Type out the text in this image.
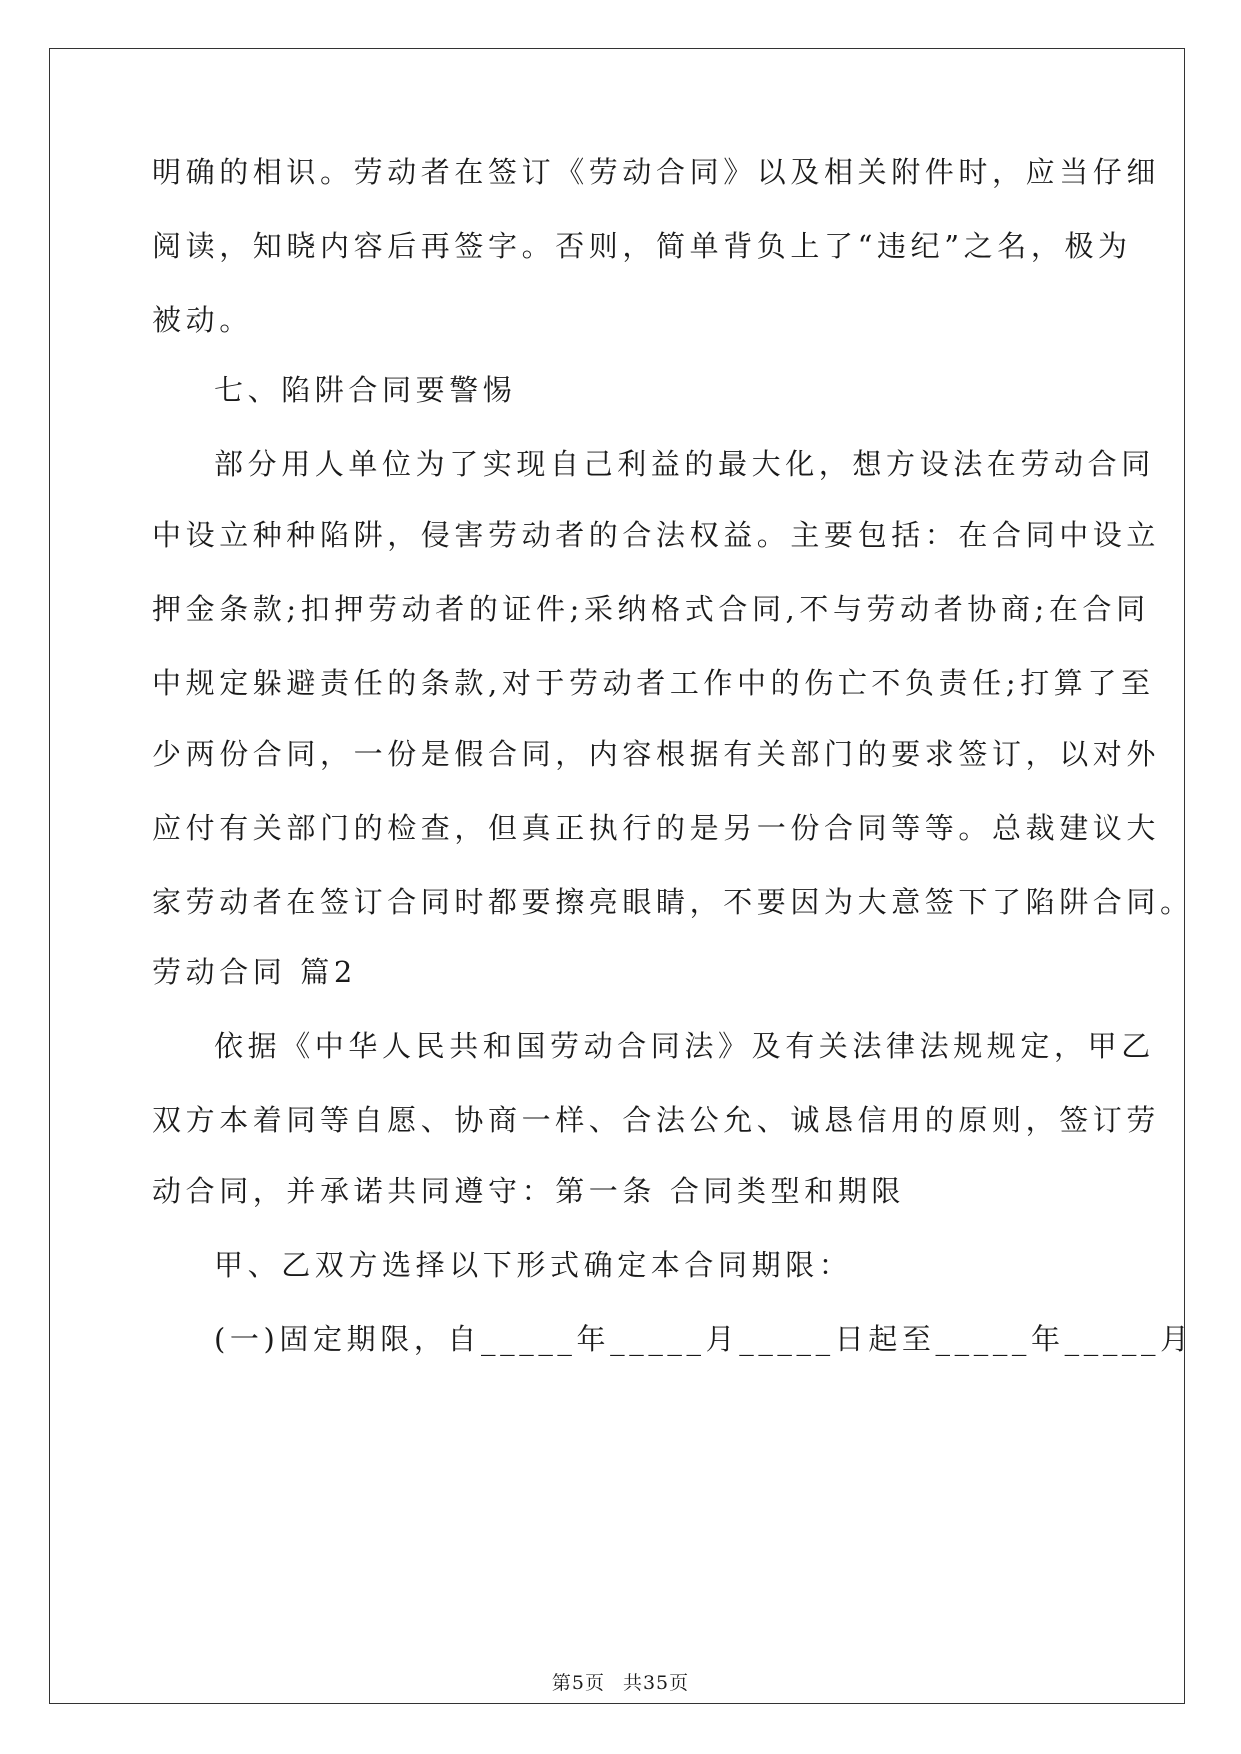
明确的相识。劳动者在签订《劳动合同》以及相关附件时，应当仔细
阅读，知晓内容后再签字。否则，简单背负上了“违纪”之名，极为
被动。
七、陷阱合同要警惕
部分用人单位为了实现自己利益的最大化，想方设法在劳动合同
中设立种种陷阱，侵害劳动者的合法权益。主要包括：在合同中设立
押金条款;扣押劳动者的证件;采纳格式合同,不与劳动者协商;在合同
中规定躲避责任的条款,对于劳动者工作中的伤亡不负责任;打算了至
少两份合同，一份是假合同，内容根据有关部门的要求签订，以对外
应付有关部门的检查，但真正执行的是另一份合同等等。总裁建议大
家劳动者在签订合同时都要擦亮眼睛，不要因为大意签下了陷阱合同。
劳动合同 篇2
依据《中华人民共和国劳动合同法》及有关法律法规规定，甲乙
双方本着同等自愿、协商一样、合法公允、诚恳信用的原则，签订劳
动合同，并承诺共同遵守：第一条 合同类型和期限
甲、乙双方选择以下形式确定本合同期限：
(一)固定期限，自_____年_____月_____日起至_____年_____月
第5页 共35页
